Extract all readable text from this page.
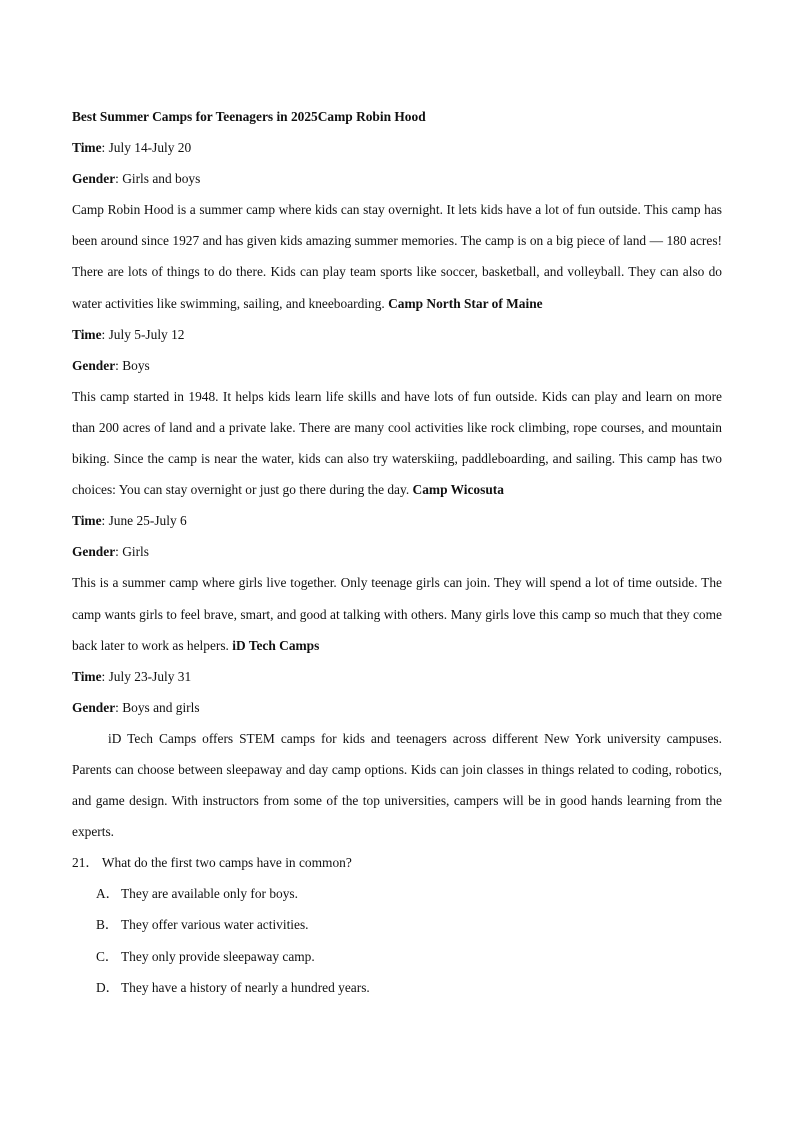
Best Summer Camps for Teenagers in 2025Camp Robin Hood

Time: July 14-July 20

Gender: Girls and boys

Camp Robin Hood is a summer camp where kids can stay overnight. It lets kids have a lot of fun outside. This camp has been around since 1927 and has given kids amazing summer memories. The camp is on a big piece of land — 180 acres! There are lots of things to do there. Kids can play team sports like soccer, basketball, and volleyball. They can also do water activities like swimming, sailing, and kneeboarding. Camp North Star of Maine

Time: July 5-July 12

Gender: Boys

This camp started in 1948. It helps kids learn life skills and have lots of fun outside. Kids can play and learn on more than 200 acres of land and a private lake. There are many cool activities like rock climbing, rope courses, and mountain biking. Since the camp is near the water, kids can also try waterskiing, paddleboarding, and sailing. This camp has two choices: You can stay overnight or just go there during the day. Camp Wicosuta

Time: June 25-July 6

Gender: Girls

This is a summer camp where girls live together. Only teenage girls can join. They will spend a lot of time outside. The camp wants girls to feel brave, smart, and good at talking with others. Many girls love this camp so much that they come back later to work as helpers. iD Tech Camps

Time: July 23-July 31

Gender: Boys and girls

iD Tech Camps offers STEM camps for kids and teenagers across different New York university campuses. Parents can choose between sleepaway and day camp options. Kids can join classes in things related to coding, robotics, and game design. With instructors from some of the top universities, campers will be in good hands learning from the experts.

21． What do the first two camps have in common?

A． They are available only for boys.

B． They offer various water activities.

C． They only provide sleepaway camp.

D． They have a history of nearly a hundred years.
